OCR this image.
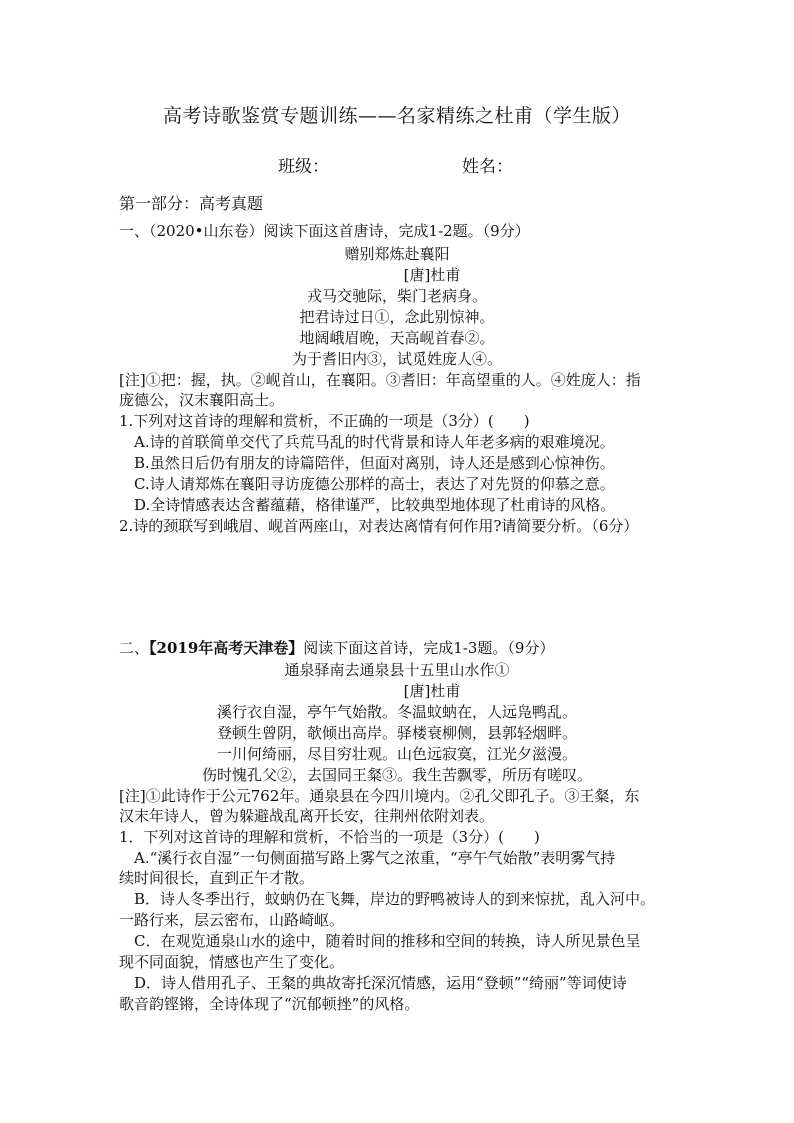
高考诗歌鉴赏专题训练——名家精练之杜甫（学生版）
班级：	姓名：
第一部分：高考真题
一、（2020•山东卷）阅读下面这首唐诗，完成1-2题。（9分）
赠别郑炼赴襄阳
[唐]杜甫
戎马交驰际，柴门老病身。
把君诗过日①，念此别惊神。
地阔峨眉晚，天高岘首春②。
为于耆旧内③，试觅姓庞人④。
[注]①把：握，执。②岘首山，在襄阳。③耆旧：年高望重的人。④姓庞人：指
庞德公，汉末襄阳高士。
1.下列对这首诗的理解和赏析，不正确的一项是（3分）(　　)
A.诗的首联简单交代了兵荒马乱的时代背景和诗人年老多病的艰难境况。
B.虽然日后仍有朋友的诗篇陪伴，但面对离别，诗人还是感到心惊神伤。
C.诗人请郑炼在襄阳寻访庞德公那样的高士，表达了对先贤的仰慕之意。
D.全诗情感表达含蓄蕴藉，格律谨严，比较典型地体现了杜甫诗的风格。
2.诗的颈联写到峨眉、岘首两座山，对表达离情有何作用?请简要分析。（6分）
二、【2019年高考天津卷】阅读下面这首诗，完成1-3题。（9分）
通泉驿南去通泉县十五里山水作①
[唐]杜甫
溪行衣自湿，亭午气始散。冬温蚊蚋在，人远凫鸭乱。
登顿生曾阴，欹倾出高岸。驿楼衰柳侧，县郭轻烟畔。
一川何绮丽，尽目穷壮观。山色远寂寞，江光夕滋漫。
伤时愧孔父②，去国同王粲③。我生苦飘零，所历有嗟叹。
[注]①此诗作于公元762年。通泉县在今四川境内。②孔父即孔子。③王粲，东
汉末年诗人，曾为躲避战乱离开长安，往荆州依附刘表。
1．下列对这首诗的理解和赏析，不恰当的一项是（3分）(　　)
A.“溪行衣自湿”一句侧面描写路上雾气之浓重，“亭午气始散”表明雾气持
续时间很长，直到正午才散。
B．诗人冬季出行，蚊蚋仍在飞舞，岸边的野鸭被诗人的到来惊扰，乱入河中。
一路行来，层云密布，山路崎岖。
C．在观览通泉山水的途中，随着时间的推移和空间的转换，诗人所见景色呈
现不同面貌，情感也产生了变化。
D．诗人借用孔子、王粲的典故寄托深沉情感，运用“登顿”“绮丽”等词使诗
歌音韵铿锵，全诗体现了“沉郁顿挫”的风格。
